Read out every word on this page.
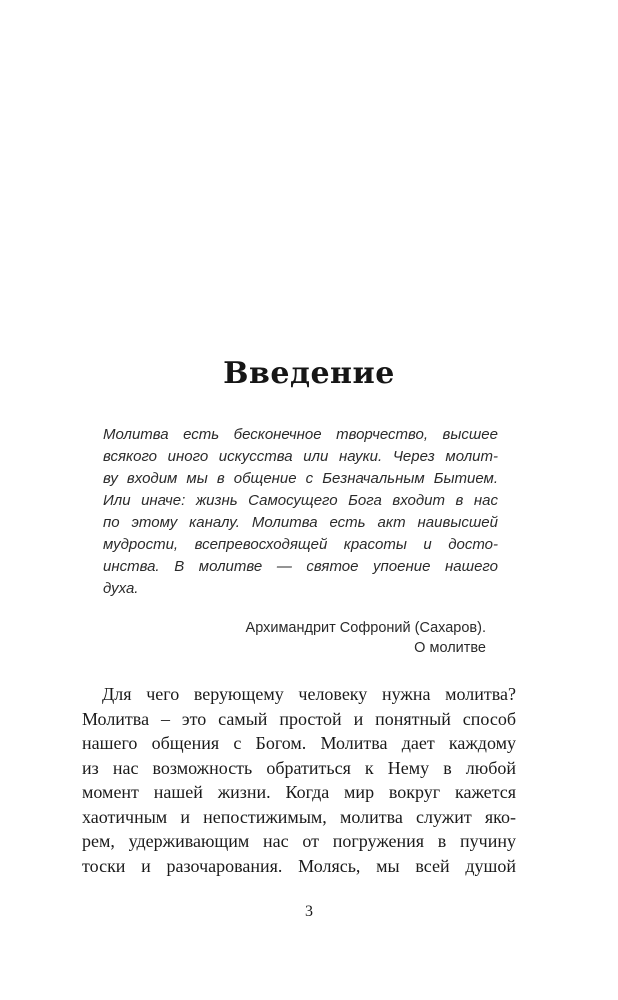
Введение
Молитва есть бесконечное творчество, высшее
всякого иного искусства или науки. Через молит-
ву входим мы в общение с Безначальным Бытием.
Или иначе: жизнь Самосущего Бога входит в нас
по этому каналу. Молитва есть акт наивысшей
мудрости, всепревосходящей красоты и досто-
инства. В молитве — святое упоение нашего
духа.
Архимандрит Софроний (Сахаров).
О молитве
Для чего верующему человеку нужна молитва?
Молитва – это самый простой и понятный способ
нашего общения с Богом. Молитва дает каждому
из нас возможность обратиться к Нему в любой
момент нашей жизни. Когда мир вокруг кажется
хаотичным и непостижимым, молитва служит яко-
рем, удерживающим нас от погружения в пучину
тоски и разочарования. Молясь, мы всей душой
3
